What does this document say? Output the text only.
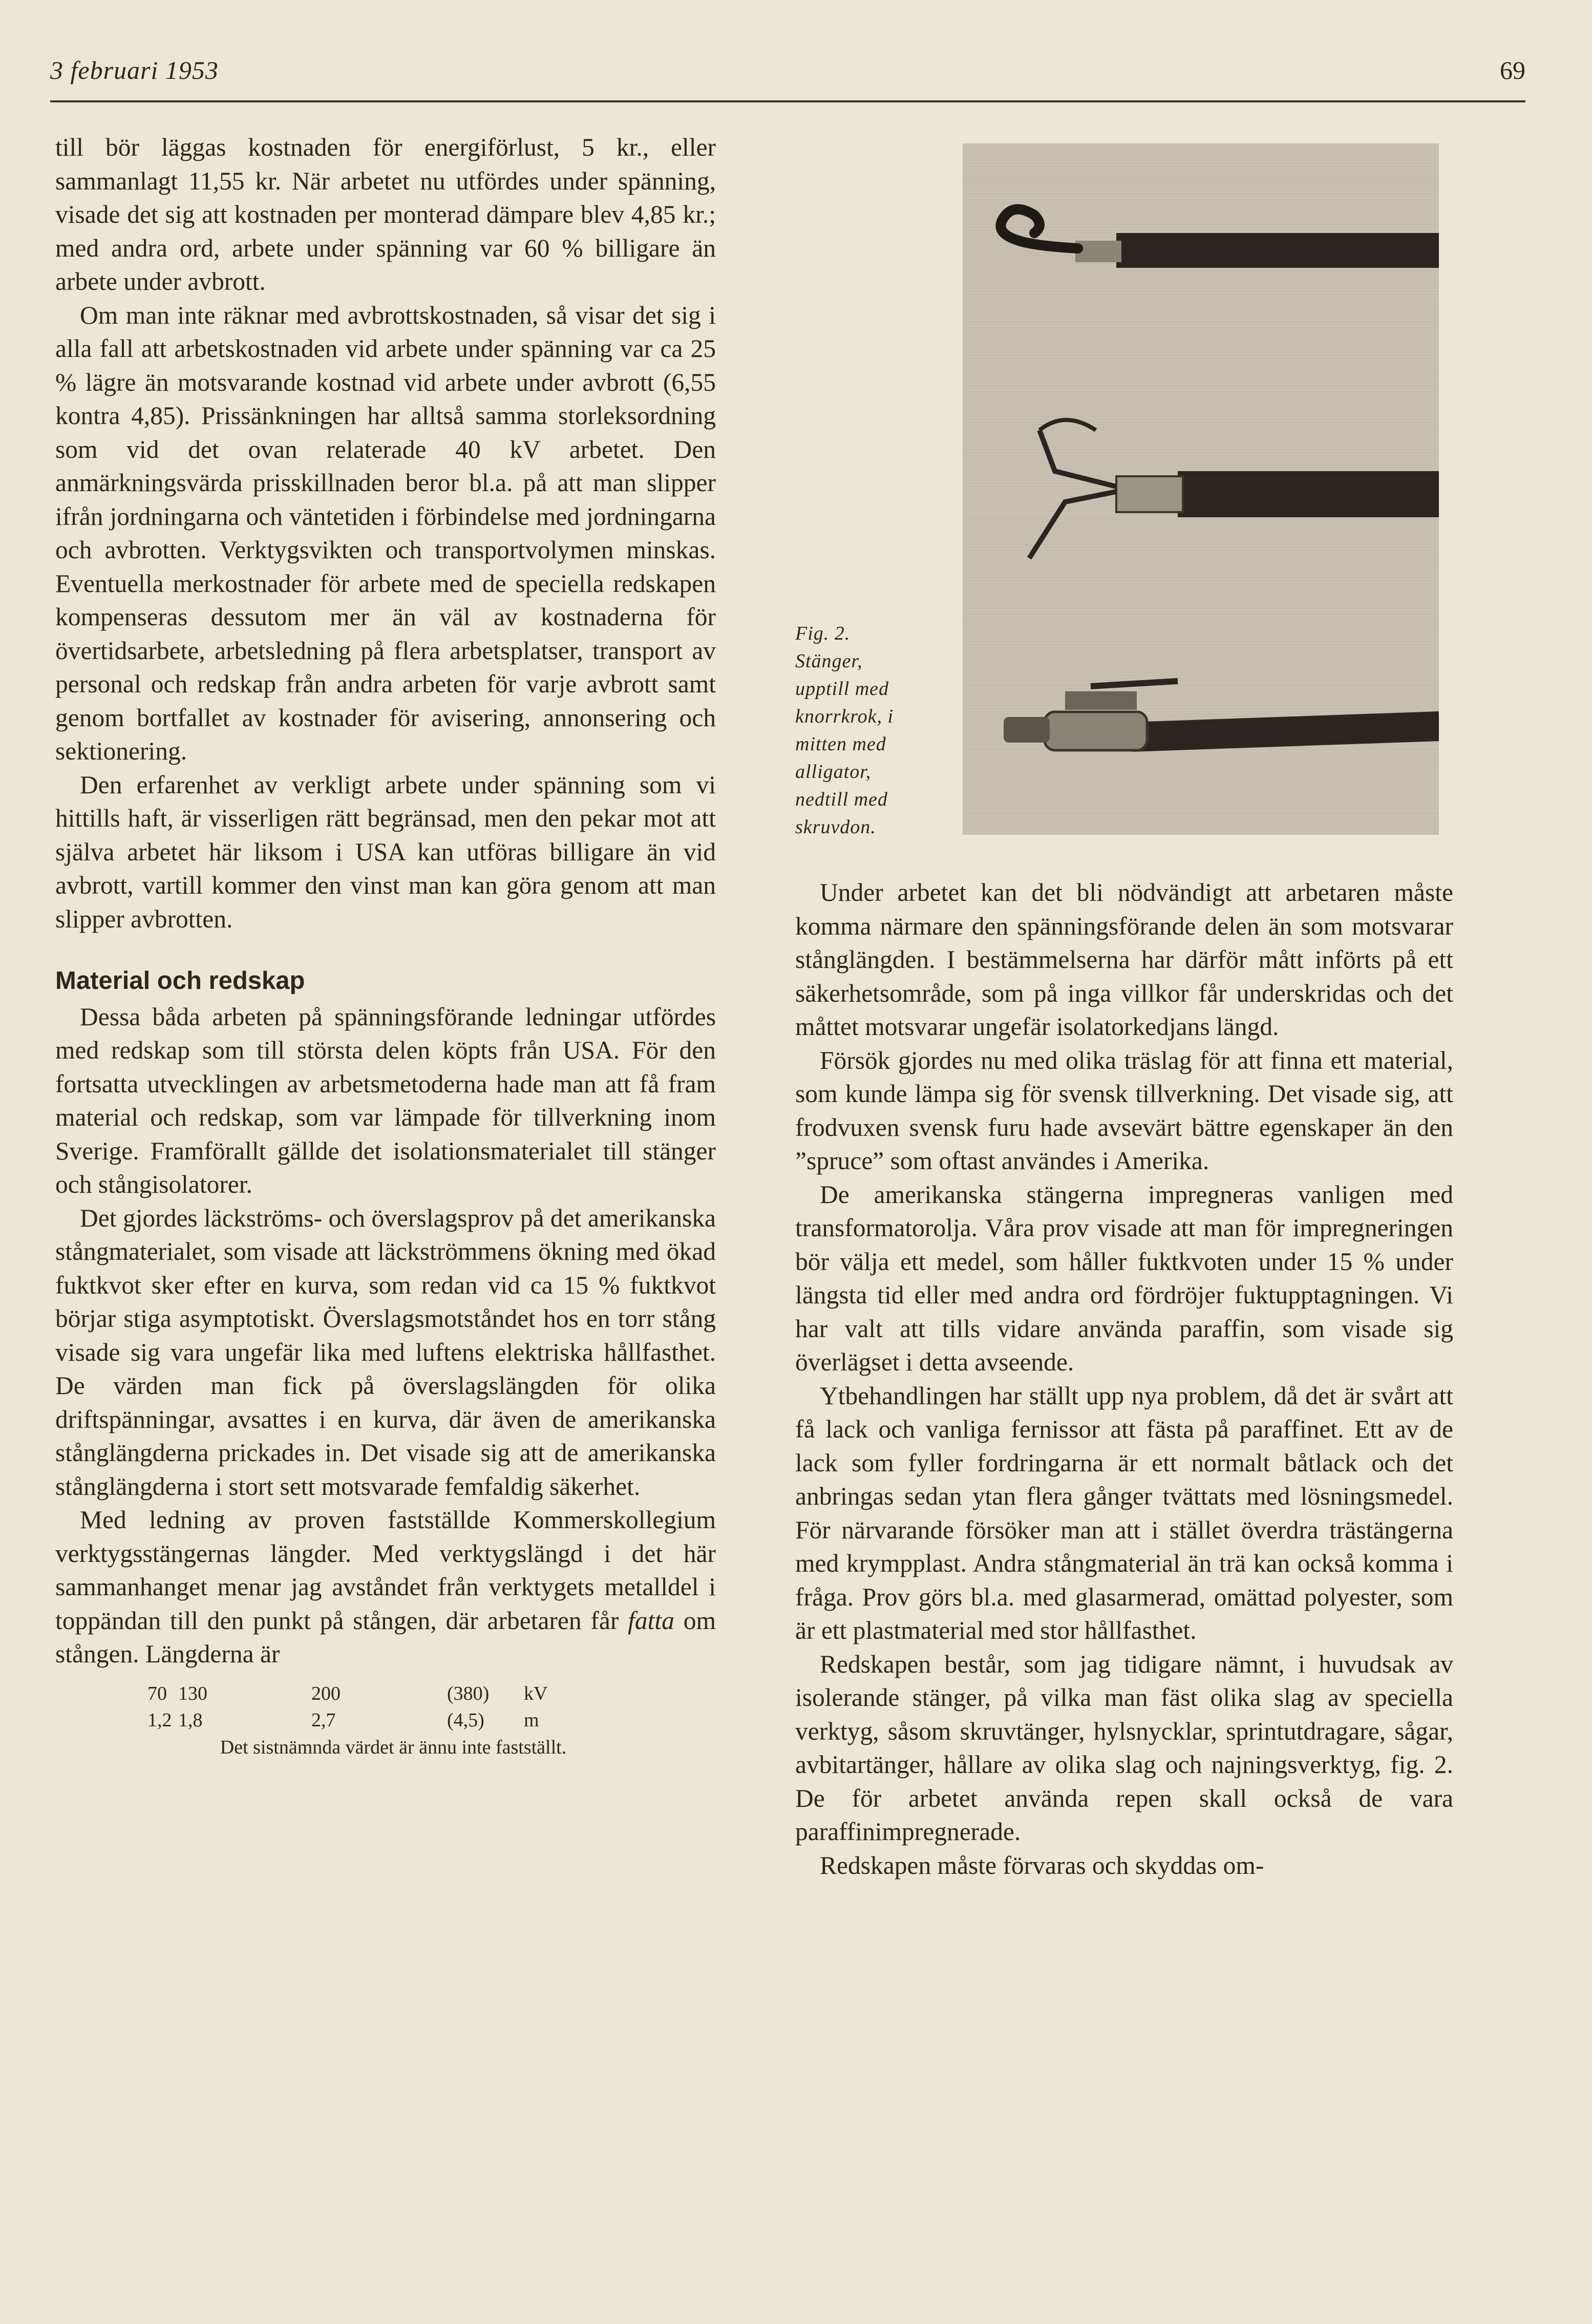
3 februari 1953	69

till bör läggas kostnaden för energiförlust, 5 kr., eller sammanlagt 11,55 kr. När arbetet nu utfördes under spänning, visade det sig att kostnaden per monterad dämpare blev 4,85 kr.; med andra ord, arbete under spänning var 60 % billigare än arbete under avbrott.

Om man inte räknar med avbrottskostnaden, så visar det sig i alla fall att arbetskostnaden vid arbete under spänning var ca 25 % lägre än motsvarande kostnad vid arbete under avbrott (6,55 kontra 4,85). Prissänkningen har alltså samma storleksordning som vid det ovan relaterade 40 kV arbetet. Den anmärkningsvärda prisskillnaden beror bl.a. på att man slipper ifrån jordningarna och väntetiden i förbindelse med jordningarna och avbrotten. Verktygsvikten och transportvolymen minskas. Eventuella merkostnader för arbete med de speciella redskapen kompenseras dessutom mer än väl av kostnaderna för övertidsarbete, arbetsledning på flera arbetsplatser, transport av personal och redskap från andra arbeten för varje avbrott samt genom bortfallet av kostnader för avisering, annonsering och sektionering.

Den erfarenhet av verkligt arbete under spänning som vi hittills haft, är visserligen rätt begränsad, men den pekar mot att själva arbetet här liksom i USA kan utföras billigare än vid avbrott, vartill kommer den vinst man kan göra genom att man slipper avbrotten.

Material och redskap

Dessa båda arbeten på spänningsförande ledningar utfördes med redskap som till största delen köpts från USA. För den fortsatta utvecklingen av arbetsmetoderna hade man att få fram material och redskap, som var lämpade för tillverkning inom Sverige. Framförallt gällde det isolationsmaterialet till stänger och stångisolatorer.

Det gjordes läckströms- och överslagsprov på det amerikanska stångmaterialet, som visade att läckströmmens ökning med ökad fuktkvot sker efter en kurva, som redan vid ca 15 % fuktkvot börjar stiga asymptotiskt. Överslagsmotståndet hos en torr stång visade sig vara ungefär lika med luftens elektriska hållfasthet. De värden man fick på överslagslängden för olika driftspänningar, avsattes i en kurva, där även de amerikanska stånglängderna prickades in. Det visade sig att de amerikanska stånglängderna i stort sett motsvarade femfaldig säkerhet.

Med ledning av proven fastställde Kommerskollegium verktygsstängernas längder. Med verktygslängd i det här sammanhanget menar jag avståndet från verktygets metalldel i toppändan till den punkt på stången, där arbetaren får fatta om stången. Längderna är

70 130	200	(380)	kV
1,2 1,8	2,7	(4,5)	m
Det sistnämnda värdet är ännu inte fastställt.
Fig. 2.
Stänger,
upptill med
knorrkrok, i
mitten med
alligator,
nedtill med
skruvdon.

Under arbetet kan det bli nödvändigt att arbetaren måste komma närmare den spänningsförande delen än som motsvarar stånglängden. I bestämmelserna har därför mått införts på ett säkerhetsområde, som på inga villkor får underskridas och det måttet motsvarar ungefär isolatorkedjans längd.

Försök gjordes nu med olika träslag för att finna ett material, som kunde lämpa sig för svensk tillverkning. Det visade sig, att frodvuxen svensk furu hade avsevärt bättre egenskaper än den ”spruce” som oftast användes i Amerika.

De amerikanska stängerna impregneras vanligen med transformatorolja. Våra prov visade att man för impregneringen bör välja ett medel, som håller fuktkvoten under 15 % under längsta tid eller med andra ord fördröjer fuktupptagningen. Vi har valt att tills vidare använda paraffin, som visade sig överlägset i detta avseende.

Ytbehandlingen har ställt upp nya problem, då det är svårt att få lack och vanliga fernissor att fästa på paraffinet. Ett av de lack som fyller fordringarna är ett normalt båtlack och det anbringas sedan ytan flera gånger tvättats med lösningsmedel. För närvarande försöker man att i stället överdra trästängerna med krympplast. Andra stångmaterial än trä kan också komma i fråga. Prov görs bl.a. med glasarmerad, omättad polyester, som är ett plastmaterial med stor hållfasthet.

Redskapen består, som jag tidigare nämnt, i huvudsak av isolerande stänger, på vilka man fäst olika slag av speciella verktyg, såsom skruvtänger, hylsnycklar, sprintutdragare, sågar, avbitartänger, hållare av olika slag och najningsverktyg, fig. 2. De för arbetet använda repen skall också de vara paraffinimpregnerade.

Redskapen måste förvaras och skyddas om-
